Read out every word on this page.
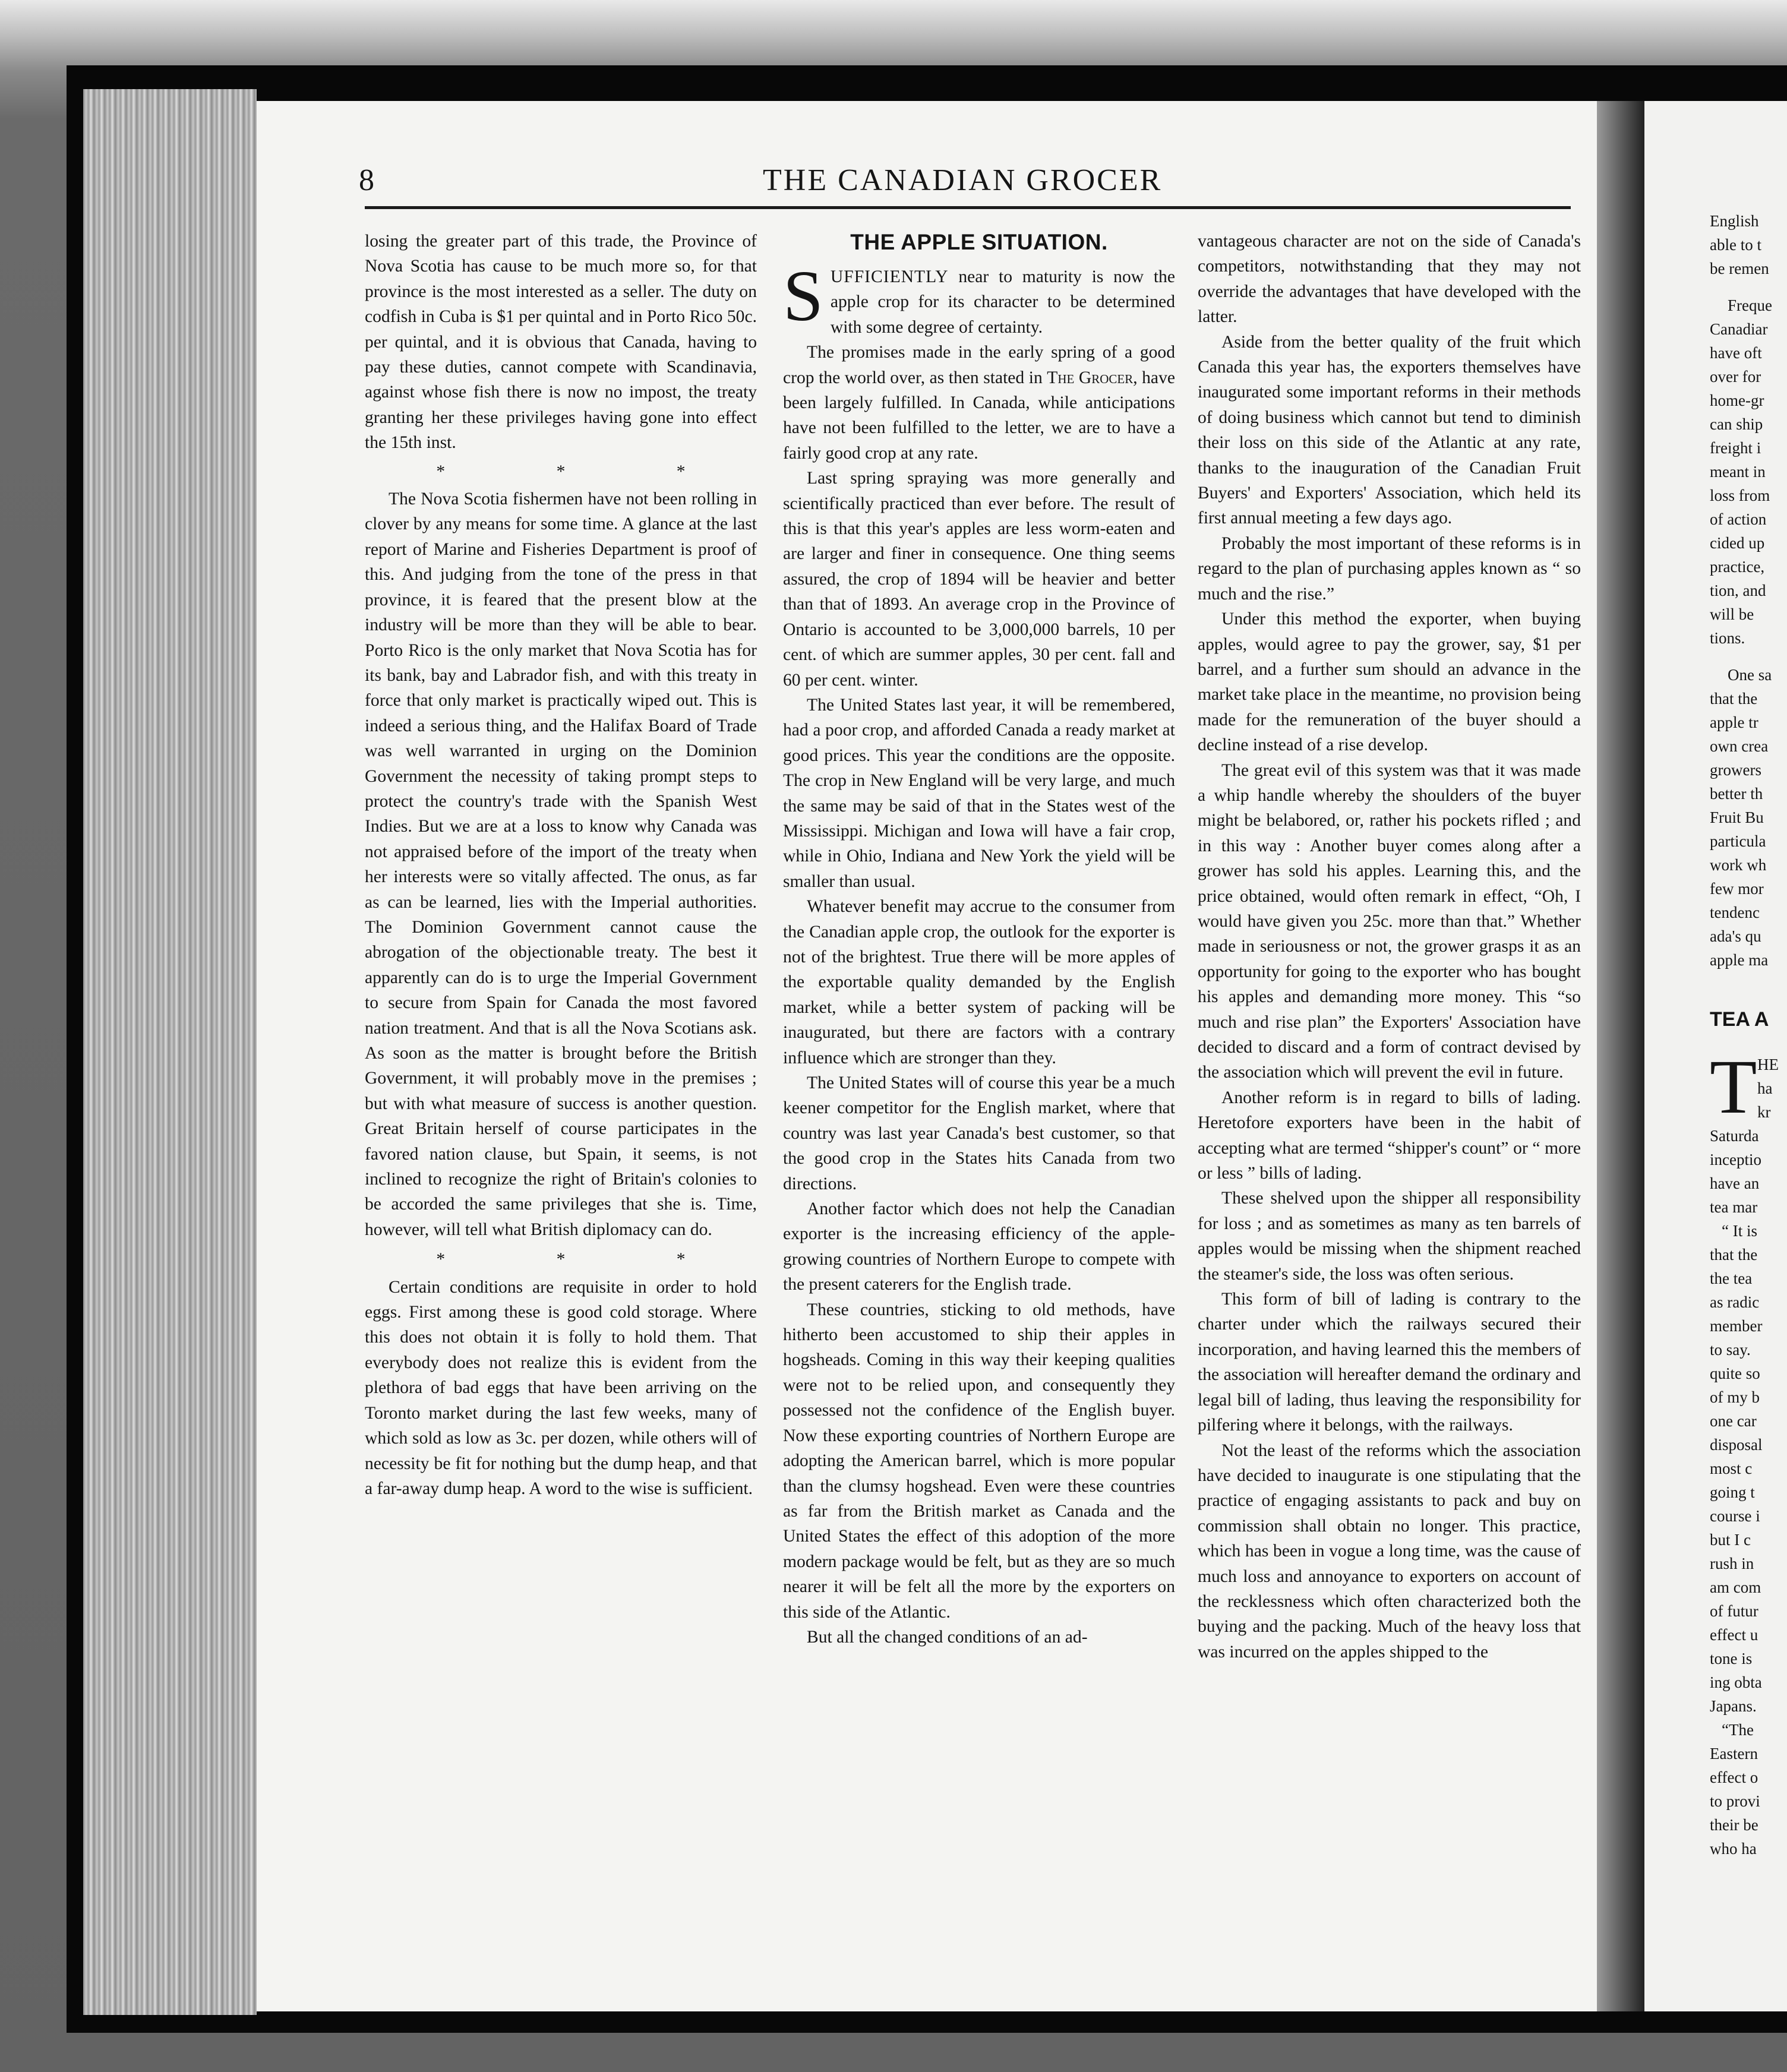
English
able to t
be remen
Freque
Canadiar
have oft
over for
home-gr
can ship
freight i
meant in
loss from
of action
cided up
practice,
tion, and
will be
tions.
One sa
that the
apple tr
own crea
growers
better th
Fruit Bu
particula
work wh
few mor
tendenc
ada's qu
apple ma
TEA A
T HE
ha
kr
Saturda
inceptio
have an
tea mar
“ It is
that the
the tea
as radic
member
to say.
quite so
of my b
one car
disposal
most c
going t
course i
but I c
rush in
am com
of futur
effect u
tone is
ing obta
Japans.
“The
Eastern
effect o
to provi
their be
who ha
8	THE CANADIAN GROCER

losing the greater part of this trade, the Province of Nova Scotia has cause to be much more so, for that province is the most interested as a seller. The duty on codfish in Cuba is $1 per quintal and in Porto Rico 50c. per quintal, and it is obvious that Canada, having to pay these duties, cannot compete with Scandinavia, against whose fish there is now no impost, the treaty granting her these privileges having gone into effect the 15th inst.

* * *

The Nova Scotia fishermen have not been rolling in clover by any means for some time. A glance at the last report of Marine and Fisheries Department is proof of this. And judging from the tone of the press in that province, it is feared that the present blow at the industry will be more than they will be able to bear. Porto Rico is the only market that Nova Scotia has for its bank, bay and Labrador fish, and with this treaty in force that only market is practically wiped out. This is indeed a serious thing, and the Halifax Board of Trade was well warranted in urging on the Dominion Government the necessity of taking prompt steps to protect the country's trade with the Spanish West Indies. But we are at a loss to know why Canada was not appraised before of the import of the treaty when her interests were so vitally affected. The onus, as far as can be learned, lies with the Imperial authorities. The Dominion Government cannot cause the abrogation of the objectionable treaty. The best it apparently can do is to urge the Imperial Government to secure from Spain for Canada the most favored nation treatment. And that is all the Nova Scotians ask. As soon as the matter is brought before the British Government, it will probably move in the premises ; but with what measure of success is another question. Great Britain herself of course participates in the favored nation clause, but Spain, it seems, is not inclined to recognize the right of Britain's colonies to be accorded the same privileges that she is. Time, however, will tell what British diplomacy can do.

* * *

Certain conditions are requisite in order to hold eggs. First among these is good cold storage. Where this does not obtain it is folly to hold them. That everybody does not realize this is evident from the plethora of bad eggs that have been arriving on the Toronto market during the last few weeks, many of which sold as low as 3c. per dozen, while others will of necessity be fit for nothing but the dump heap, and that a far-away dump heap. A word to the wise is sufficient.

THE APPLE SITUATION.

SUFFICIENTLY near to maturity is now the apple crop for its character to be determined with some degree of certainty.

The promises made in the early spring of a good crop the world over, as then stated in The Grocer, have been largely fulfilled. In Canada, while anticipations have not been fulfilled to the letter, we are to have a fairly good crop at any rate.

Last spring spraying was more generally and scientifically practiced than ever before. The result of this is that this year's apples are less worm-eaten and are larger and finer in consequence. One thing seems assured, the crop of 1894 will be heavier and better than that of 1893. An average crop in the Province of Ontario is accounted to be 3,000,000 barrels, 10 per cent. of which are summer apples, 30 per cent. fall and 60 per cent. winter.

The United States last year, it will be remembered, had a poor crop, and afforded Canada a ready market at good prices. This year the conditions are the opposite. The crop in New England will be very large, and much the same may be said of that in the States west of the Mississippi. Michigan and Iowa will have a fair crop, while in Ohio, Indiana and New York the yield will be smaller than usual.

Whatever benefit may accrue to the consumer from the Canadian apple crop, the outlook for the exporter is not of the brightest. True there will be more apples of the exportable quality demanded by the English market, while a better system of packing will be inaugurated, but there are factors with a contrary influence which are stronger than they.

The United States will of course this year be a much keener competitor for the English market, where that country was last year Canada's best customer, so that the good crop in the States hits Canada from two directions.

Another factor which does not help the Canadian exporter is the increasing efficiency of the apple-growing countries of Northern Europe to compete with the present caterers for the English trade.

These countries, sticking to old methods, have hitherto been accustomed to ship their apples in hogsheads. Coming in this way their keeping qualities were not to be relied upon, and consequently they possessed not the confidence of the English buyer. Now these exporting countries of Northern Europe are adopting the American barrel, which is more popular than the clumsy hogshead. Even were these countries as far from the British market as Canada and the United States the effect of this adoption of the more modern package would be felt, but as they are so much nearer it will be felt all the more by the exporters on this side of the Atlantic.

But all the changed conditions of an ad-

vantageous character are not on the side of Canada's competitors, notwithstanding that they may not override the advantages that have developed with the latter.

Aside from the better quality of the fruit which Canada this year has, the exporters themselves have inaugurated some important reforms in their methods of doing business which cannot but tend to diminish their loss on this side of the Atlantic at any rate, thanks to the inauguration of the Canadian Fruit Buyers' and Exporters' Association, which held its first annual meeting a few days ago.

Probably the most important of these reforms is in regard to the plan of purchasing apples known as “ so much and the rise.”

Under this method the exporter, when buying apples, would agree to pay the grower, say, $1 per barrel, and a further sum should an advance in the market take place in the meantime, no provision being made for the remuneration of the buyer should a decline instead of a rise develop.

The great evil of this system was that it was made a whip handle whereby the shoulders of the buyer might be belabored, or, rather his pockets rifled ; and in this way : Another buyer comes along after a grower has sold his apples. Learning this, and the price obtained, would often remark in effect, “Oh, I would have given you 25c. more than that.” Whether made in seriousness or not, the grower grasps it as an opportunity for going to the exporter who has bought his apples and demanding more money. This “so much and rise plan” the Exporters' Association have decided to discard and a form of contract devised by the association which will prevent the evil in future.

Another reform is in regard to bills of lading. Heretofore exporters have been in the habit of accepting what are termed “shipper's count” or “ more or less ” bills of lading.

These shelved upon the shipper all responsibility for loss ; and as sometimes as many as ten barrels of apples would be missing when the shipment reached the steamer's side, the loss was often serious.

This form of bill of lading is contrary to the charter under which the railways secured their incorporation, and having learned this the members of the association will hereafter demand the ordinary and legal bill of lading, thus leaving the responsibility for pilfering where it belongs, with the railways.

Not the least of the reforms which the association have decided to inaugurate is one stipulating that the practice of engaging assistants to pack and buy on commission shall obtain no longer. This practice, which has been in vogue a long time, was the cause of much loss and annoyance to exporters on account of the recklessness which often characterized both the buying and the packing. Much of the heavy loss that was incurred on the apples shipped to the
